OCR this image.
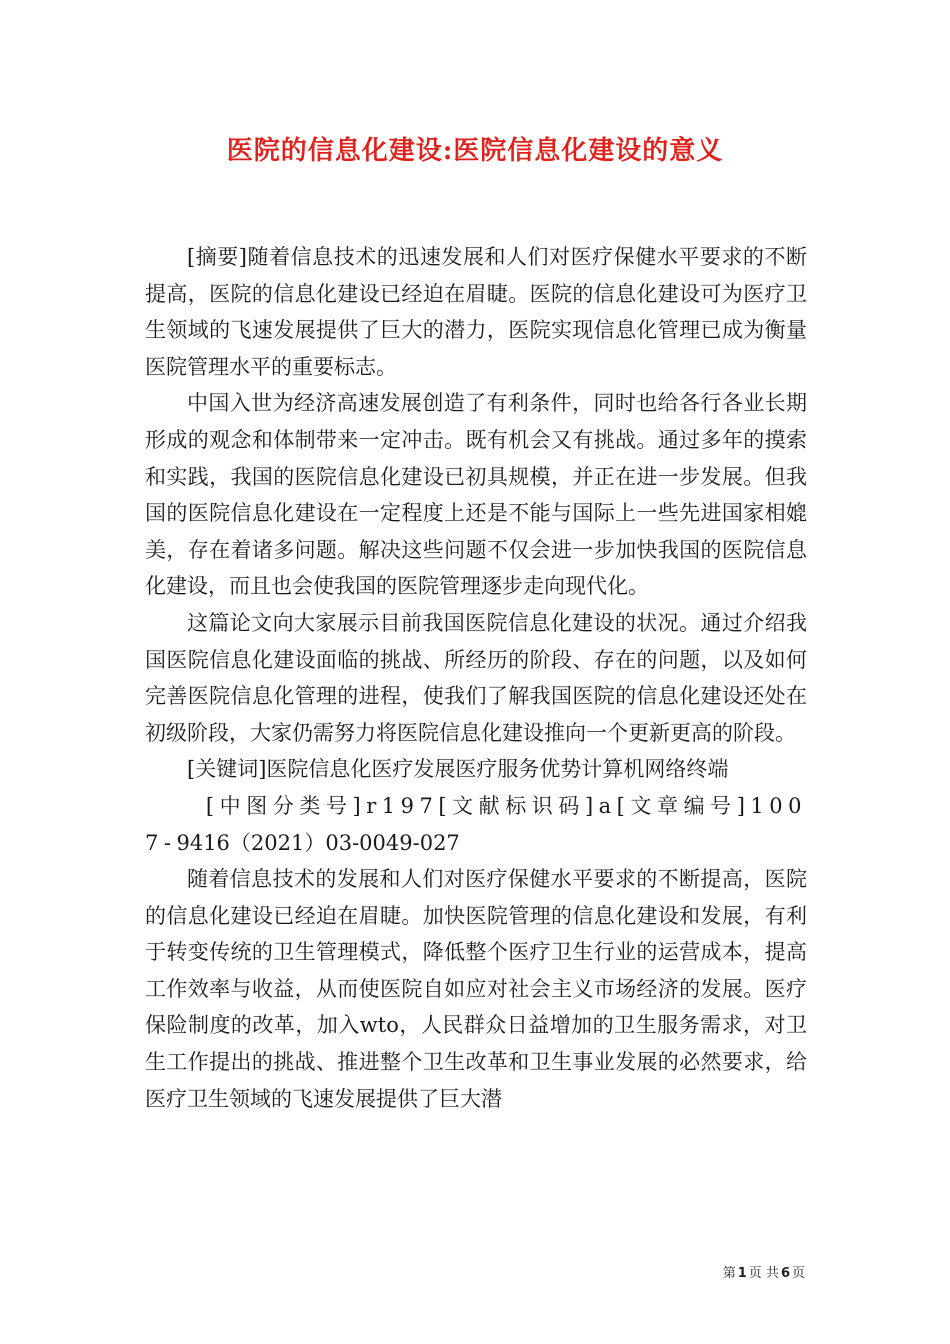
医院的信息化建设:医院信息化建设的意义

[摘要]随着信息技术的迅速发展和人们对医疗保健水平要求的不断提高，医院的信息化建设已经迫在眉睫。医院的信息化建设可为医疗卫生领域的飞速发展提供了巨大的潜力，医院实现信息化管理已成为衡量医院管理水平的重要标志。

中国入世为经济高速发展创造了有利条件，同时也给各行各业长期形成的观念和体制带来一定冲击。既有机会又有挑战。通过多年的摸索和实践，我国的医院信息化建设已初具规模，并正在进一步发展。但我国的医院信息化建设在一定程度上还是不能与国际上一些先进国家相媲美，存在着诸多问题。解决这些问题不仅会进一步加快我国的医院信息化建设，而且也会使我国的医院管理逐步走向现代化。

这篇论文向大家展示目前我国医院信息化建设的状况。通过介绍我国医院信息化建设面临的挑战、所经历的阶段、存在的问题，以及如何完善医院信息化管理的进程，使我们了解我国医院的信息化建设还处在初级阶段，大家仍需努力将医院信息化建设推向一个更新更高的阶段。

[关键词]医院信息化医疗发展医疗服务优势计算机网络终端

[中图分类号]r197[文献标识码]a[文章编号]1007-9416（2021）03-0049-027

随着信息技术的发展和人们对医疗保健水平要求的不断提高，医院的信息化建设已经迫在眉睫。加快医院管理的信息化建设和发展，有利于转变传统的卫生管理模式，降低整个医疗卫生行业的运营成本，提高工作效率与收益，从而使医院自如应对社会主义市场经济的发展。医疗保险制度的改革，加入wto，人民群众日益增加的卫生服务需求，对卫生工作提出的挑战、推进整个卫生改革和卫生事业发展的必然要求，给医疗卫生领域的飞速发展提供了巨大潜

第 1 页 共 6 页
